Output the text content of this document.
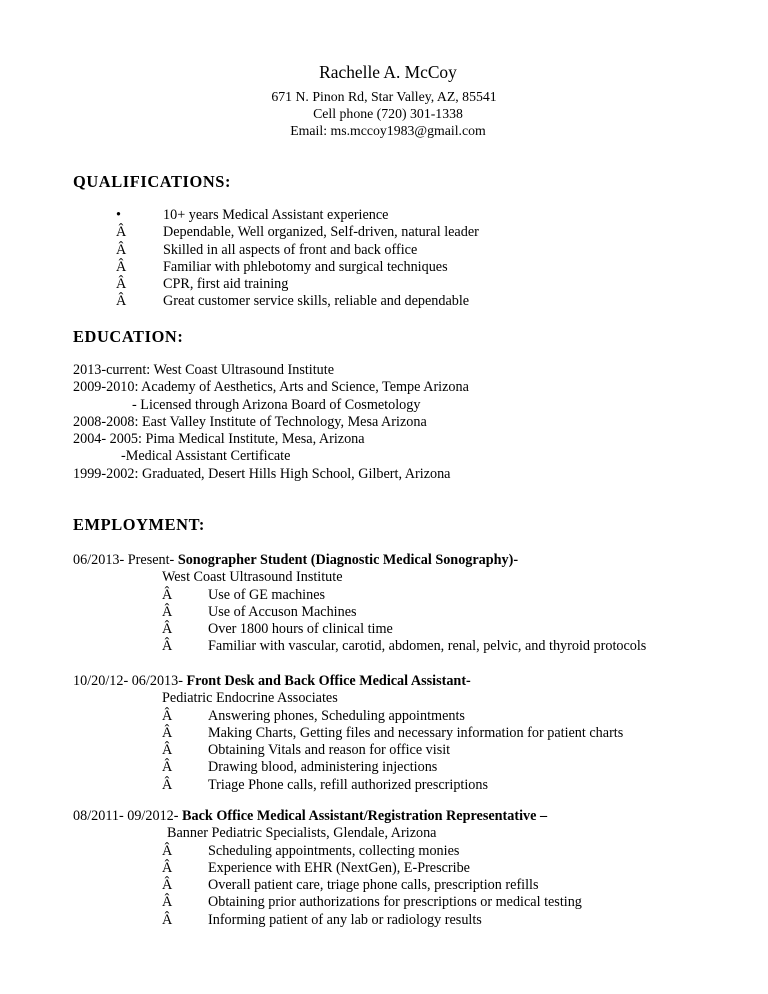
Rachelle A. McCoy
671 N. Pinon Rd, Star Valley, AZ, 85541
Cell phone (720) 301-1338
Email: ms.mccoy1983@gmail.com
QUALIFICATIONS:
•	10+ years Medical Assistant experience
Â	Dependable, Well organized, Self-driven, natural leader
Â	Skilled in all aspects of front and back office
Â	Familiar with phlebotomy and surgical techniques
Â	CPR, first aid training
Â	Great customer service skills, reliable and dependable
EDUCATION:
2013-current: West Coast Ultrasound Institute
2009-2010: Academy of Aesthetics, Arts and Science, Tempe Arizona
- Licensed through Arizona Board of Cosmetology
2008-2008: East Valley Institute of Technology, Mesa Arizona
2004- 2005: Pima Medical Institute, Mesa, Arizona
-Medical Assistant Certificate
1999-2002: Graduated, Desert Hills High School, Gilbert, Arizona
EMPLOYMENT:
06/2013- Present- Sonographer Student (Diagnostic Medical Sonography)-
West Coast Ultrasound Institute
Â	Use of GE machines
Â	Use of Accuson Machines
Â	Over 1800 hours of clinical time
Â	Familiar with vascular, carotid, abdomen, renal, pelvic, and thyroid protocols
10/20/12- 06/2013- Front Desk and Back Office Medical Assistant-
Pediatric Endocrine Associates
Â	Answering phones, Scheduling appointments
Â	Making Charts, Getting files and necessary information for patient charts
Â	Obtaining Vitals and reason for office visit
Â	Drawing blood, administering injections
Â	Triage Phone calls, refill authorized prescriptions
08/2011- 09/2012- Back Office Medical Assistant/Registration Representative –
Banner Pediatric Specialists, Glendale, Arizona
Â	Scheduling appointments, collecting monies
Â	Experience with EHR (NextGen), E-Prescribe
Â	Overall patient care, triage phone calls, prescription refills
Â	Obtaining prior authorizations for prescriptions or medical testing
Â	Informing patient of any lab or radiology results
